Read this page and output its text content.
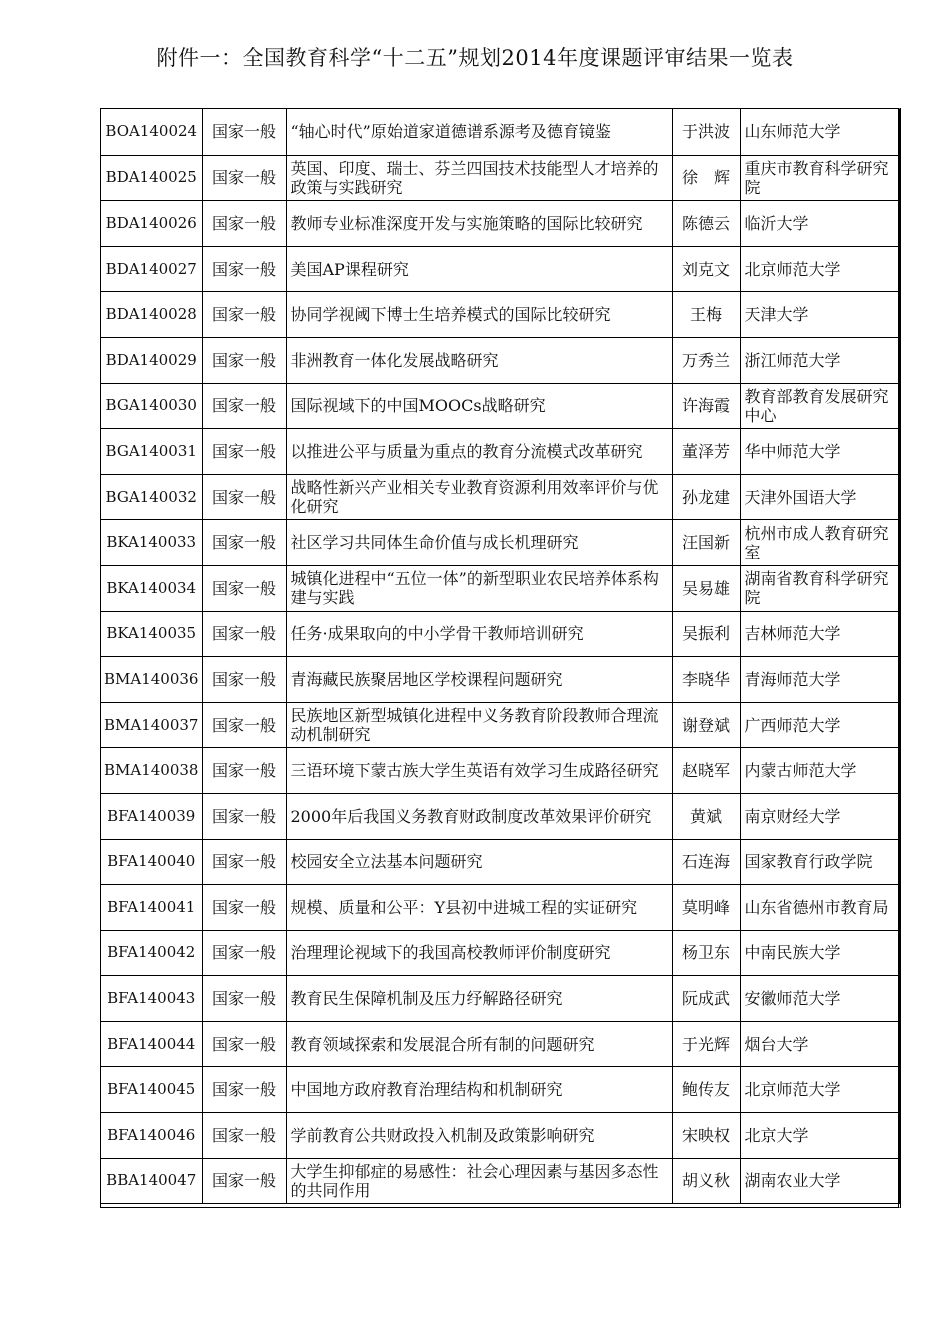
附件一：全国教育科学“十二五”规划2014年度课题评审结果一览表
BOA140024	国家一般	“轴心时代”原始道家道德谱系源考及德育镜鉴	于洪波	山东师范大学
BDA140025	国家一般	英国、印度、瑞士、芬兰四国技术技能型人才培养的政策与实践研究	徐　辉	重庆市教育科学研究院
BDA140026	国家一般	教师专业标准深度开发与实施策略的国际比较研究	陈德云	临沂大学
BDA140027	国家一般	美国AP课程研究	刘克文	北京师范大学
BDA140028	国家一般	协同学视阈下博士生培养模式的国际比较研究	王梅	天津大学
BDA140029	国家一般	非洲教育一体化发展战略研究	万秀兰	浙江师范大学
BGA140030	国家一般	国际视域下的中国MOOCs战略研究	许海霞	教育部教育发展研究中心
BGA140031	国家一般	以推进公平与质量为重点的教育分流模式改革研究	董泽芳	华中师范大学
BGA140032	国家一般	战略性新兴产业相关专业教育资源利用效率评价与优化研究	孙龙建	天津外国语大学
BKA140033	国家一般	社区学习共同体生命价值与成长机理研究	汪国新	杭州市成人教育研究室
BKA140034	国家一般	城镇化进程中“五位一体”的新型职业农民培养体系构建与实践	吴易雄	湖南省教育科学研究院
BKA140035	国家一般	任务·成果取向的中小学骨干教师培训研究	吴振利	吉林师范大学
BMA140036	国家一般	青海藏民族聚居地区学校课程问题研究	李晓华	青海师范大学
BMA140037	国家一般	民族地区新型城镇化进程中义务教育阶段教师合理流动机制研究	谢登斌	广西师范大学
BMA140038	国家一般	三语环境下蒙古族大学生英语有效学习生成路径研究	赵晓军	内蒙古师范大学
BFA140039	国家一般	2000年后我国义务教育财政制度改革效果评价研究	黄斌	南京财经大学
BFA140040	国家一般	校园安全立法基本问题研究	石连海	国家教育行政学院
BFA140041	国家一般	规模、质量和公平：Y县初中进城工程的实证研究	莫明峰	山东省德州市教育局
BFA140042	国家一般	治理理论视域下的我国高校教师评价制度研究	杨卫东	中南民族大学
BFA140043	国家一般	教育民生保障机制及压力纾解路径研究	阮成武	安徽师范大学
BFA140044	国家一般	教育领域探索和发展混合所有制的问题研究	于光辉	烟台大学
BFA140045	国家一般	中国地方政府教育治理结构和机制研究	鲍传友	北京师范大学
BFA140046	国家一般	学前教育公共财政投入机制及政策影响研究	宋映权	北京大学
BBA140047	国家一般	大学生抑郁症的易感性：社会心理因素与基因多态性的共同作用	胡义秋	湖南农业大学
